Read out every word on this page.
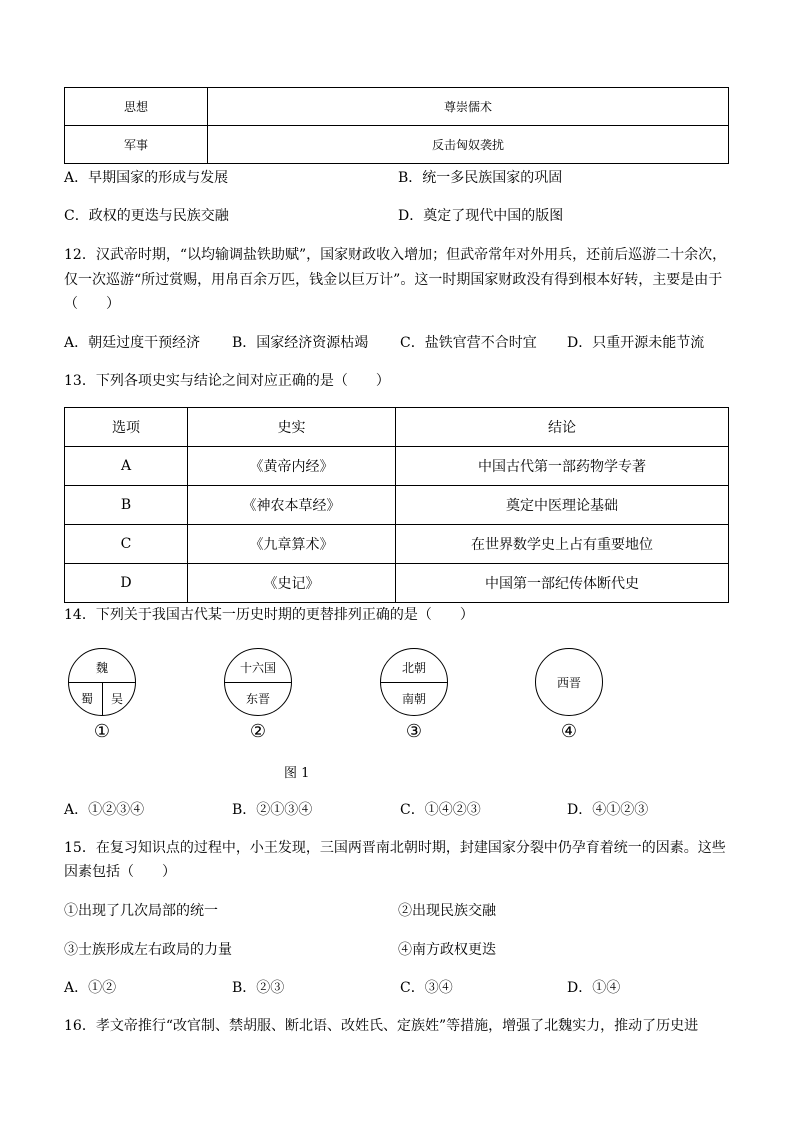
思想	尊崇儒术
军事	反击匈奴袭扰
A．早期国家的形成与发展	B．统一多民族国家的巩固
C．政权的更迭与民族交融	D．奠定了现代中国的版图
12．汉武帝时期，“以均输调盐铁助赋”，国家财政收入增加；但武帝常年对外用兵，还前后巡游二十余次，
仅一次巡游“所过赏赐，用帛百余万匹，钱金以巨万计”。这一时期国家财政没有得到根本好转，主要是由于
（　　）
A．朝廷过度干预经济 B．国家经济资源枯竭 C．盐铁官营不合时宜 D．只重开源未能节流
13．下列各项史实与结论之间对应正确的是（　　）
选项	史实	结论
A	《黄帝内经》	中国古代第一部药物学专著
B	《神农本草经》	奠定中医理论基础
C	《九章算术》	在世界数学史上占有重要地位
D	《史记》	中国第一部纪传体断代史
14．下列关于我国古代某一历史时期的更替排列正确的是（　　）
魏
蜀 吴
①
十六国
东晋
②
北朝
南朝
③
西晋
④
图 1
A．①②③④	B．②①③④	C．①④②③	D．④①②③
15．在复习知识点的过程中，小王发现，三国两晋南北朝时期，封建国家分裂中仍孕育着统一的因素。这些
因素包括（　　）
①出现了几次局部的统一	②出现民族交融
③士族形成左右政局的力量	④南方政权更迭
A．①②	B．②③	C．③④	D．①④
16．孝文帝推行“改官制、禁胡服、断北语、改姓氏、定族姓”等措施，增强了北魏实力，推动了历史进
